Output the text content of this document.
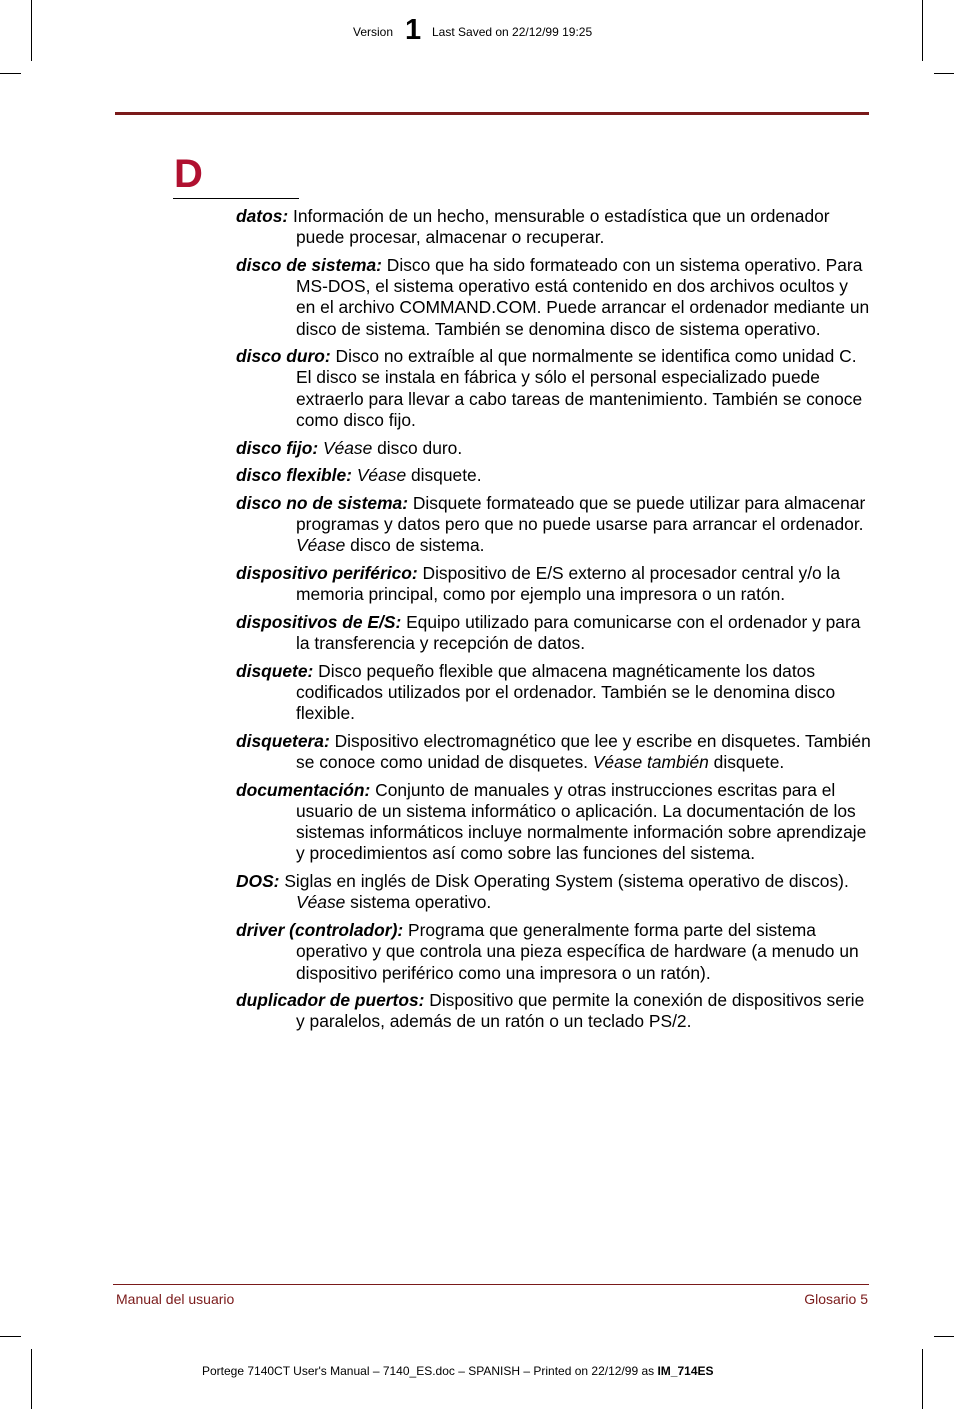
Version 1 Last Saved on 22/12/99 19:25
D
datos: Información de un hecho, mensurable o estadística que un ordenador puede procesar, almacenar o recuperar.
disco de sistema: Disco que ha sido formateado con un sistema operativo. Para MS-DOS, el sistema operativo está contenido en dos archivos ocultos y en el archivo COMMAND.COM. Puede arrancar el ordenador mediante un disco de sistema. También se denomina disco de sistema operativo.
disco duro: Disco no extraíble al que normalmente se identifica como unidad C. El disco se instala en fábrica y sólo el personal especializado puede extraerlo para llevar a cabo tareas de mantenimiento. También se conoce como disco fijo.
disco fijo: Véase disco duro.
disco flexible: Véase disquete.
disco no de sistema: Disquete formateado que se puede utilizar para almacenar programas y datos pero que no puede usarse para arrancar el ordenador. Véase disco de sistema.
dispositivo periférico: Dispositivo de E/S externo al procesador central y/o la memoria principal, como por ejemplo una impresora o un ratón.
dispositivos de E/S: Equipo utilizado para comunicarse con el ordenador y para la transferencia y recepción de datos.
disquete: Disco pequeño flexible que almacena magnéticamente los datos codificados utilizados por el ordenador. También se le denomina disco flexible.
disquetera: Dispositivo electromagnético que lee y escribe en disquetes. También se conoce como unidad de disquetes. Véase también disquete.
documentación: Conjunto de manuales y otras instrucciones escritas para el usuario de un sistema informático o aplicación. La documentación de los sistemas informáticos incluye normalmente información sobre aprendizaje y procedimientos así como sobre las funciones del sistema.
DOS: Siglas en inglés de Disk Operating System (sistema operativo de discos). Véase sistema operativo.
driver (controlador): Programa que generalmente forma parte del sistema operativo y que controla una pieza específica de hardware (a menudo un dispositivo periférico como una impresora o un ratón).
duplicador de puertos: Dispositivo que permite la conexión de dispositivos serie y paralelos, además de un ratón o un teclado PS/2.
Manual del usuario	Glosario 5
Portege 7140CT User's Manual – 7140_ES.doc – SPANISH – Printed on 22/12/99 as IM_714ES
